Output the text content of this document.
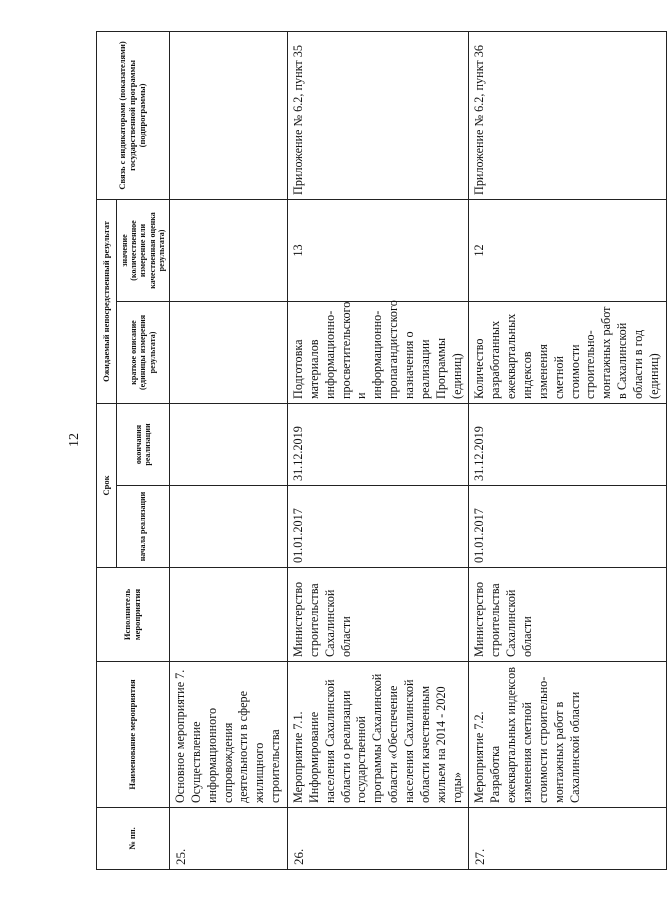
12
№ пп.	Наименование мероприятия	Исполнитель мероприятия	Срок		Ожидаемый непосредственный результат		Связь с индикаторами (показателями) государственной программы (подпрограммы)
			начала реализации	окончания реализации	краткое описание (единицы измерения результата)	значение (количественное измерение или качественная оценка результата)	
25.	Основное мероприятие 7. Осуществление информационного сопровождения деятельности в сфере жилищного строительства						
26.	Мероприятие 7.1. Информирование населения Сахалинской области о реализации государственной программы Сахалинской области «Обеспечение населения Сахалинской области качественным жильем на 2014 - 2020 годы»	Министерство строительства Сахалинской области	01.01.2017	31.12.2019	Подготовка материалов информационно-просветительского и информационно-пропагандистского назначения о реализации Программы (единиц)	13	Приложение № 6.2, пункт 35
27.	Мероприятие 7.2. Разработка ежеквартальных индексов изменения сметной стоимости строительно-монтажных работ в Сахалинской области	Министерство строительства Сахалинской области	01.01.2017	31.12.2019	Количество разработанных ежеквартальных индексов изменения сметной стоимости строительно-монтажных работ в Сахалинской области в год (единиц)	12	Приложение № 6.2, пункт 36
